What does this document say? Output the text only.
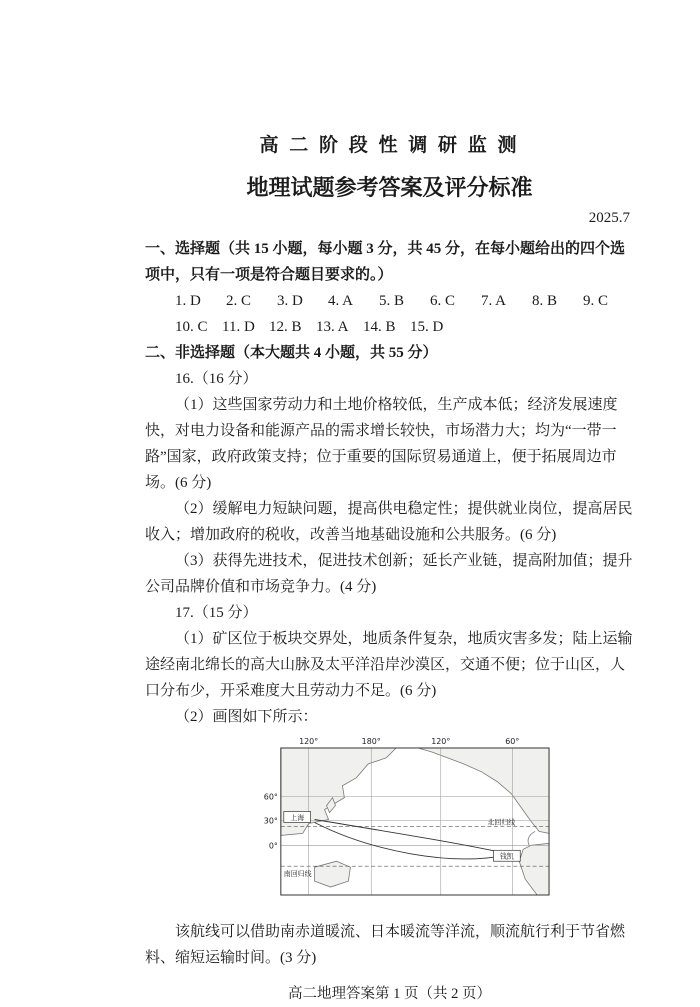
高 二 阶 段 性 调 研 监 测
地理试题参考答案及评分标准
2025.7

一、选择题（共 15 小题，每小题 3 分，共 45 分，在每小题给出的四个选项中，只有一项是符合题目要求的。）

1. D	2. C	3. D	4. A	5. B	6. C	7. A	8. B	9. C
10. C 11. D 12. B 13. A 14. B 15. D

二、非选择题（本大题共 4 小题，共 55 分）

16.（16 分）

（1）这些国家劳动力和土地价格较低，生产成本低；经济发展速度快，对电力设备和能源产品的需求增长较快，市场潜力大；均为“一带一路”国家，政府政策支持；位于重要的国际贸易通道上，便于拓展周边市场。(6 分)

（2）缓解电力短缺问题，提高供电稳定性；提供就业岗位，提高居民收入；增加政府的税收，改善当地基础设施和公共服务。(6 分)

（3）获得先进技术，促进技术创新；延长产业链，提高附加值；提升公司品牌价值和市场竞争力。(4 分)

17.（15 分）

（1）矿区位于板块交界处，地质条件复杂，地质灾害多发；陆上运输途经南北绵长的高大山脉及太平洋沿岸沙漠区，交通不便；位于山区，人口分布少，开采难度大且劳动力不足。(6 分)

（2）画图如下所示：

120°	180°	120°	60°
60°
30°
0°
北回归线
南回归线
上海
钱凯

该航线可以借助南赤道暖流、日本暖流等洋流，顺流航行利于节省燃料、缩短运输时间。(3 分)

高二地理答案第 1 页（共 2 页）
